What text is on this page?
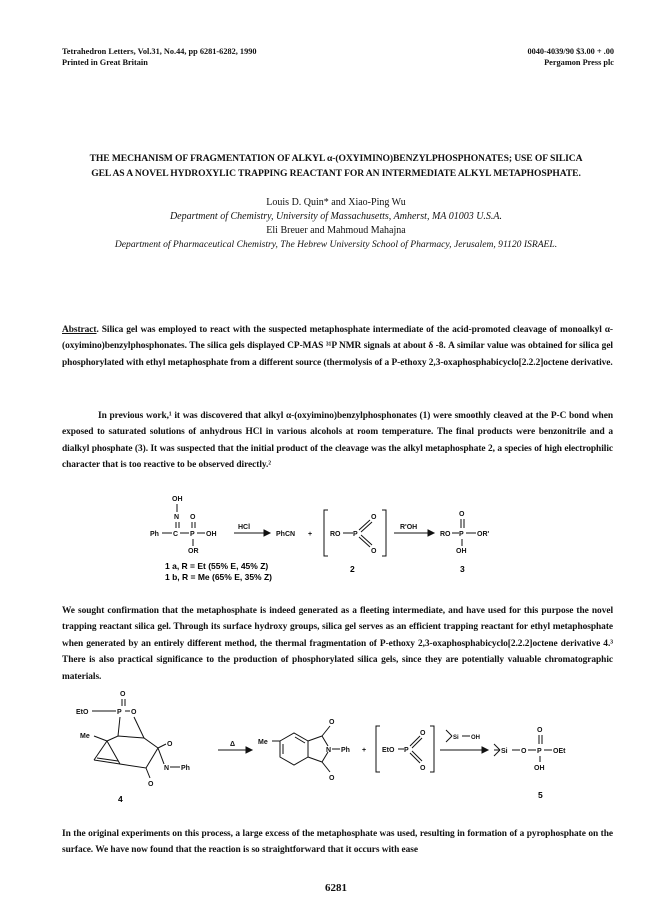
Tetrahedron Letters, Vol.31, No.44, pp 6281-6282, 1990
Printed in Great Britain
0040-4039/90 $3.00 + .00
Pergamon Press plc
THE MECHANISM OF FRAGMENTATION OF ALKYL α-(OXYIMINO)BENZYLPHOSPHONATES; USE OF SILICA
GEL AS A NOVEL HYDROXYLIC TRAPPING REACTANT FOR AN INTERMEDIATE ALKYL METAPHOSPHATE.
Louis D. Quin* and Xiao-Ping Wu
Department of Chemistry, University of Massachusetts, Amherst, MA 01003 U.S.A.
Eli Breuer and Mahmoud Mahajna
Department of Pharmaceutical Chemistry, The Hebrew University School of Pharmacy, Jerusalem, 91120 ISRAEL.
Abstract. Silica gel was employed to react with the suspected metaphosphate intermediate of the acid-promoted cleavage of monoalkyl α-(oxyimino)benzylphosphonates. The silica gels displayed CP-MAS ³¹P NMR signals at about δ -8. A similar value was obtained for silica gel phosphorylated with ethyl metaphosphate from a different source (thermolysis of a P-ethoxy 2,3-oxaphosphabicyclo[2.2.2]octene derivative.
In previous work,¹ it was discovered that alkyl α-(oxyimino)benzylphosphonates (1) were smoothly cleaved at the P-C bond when exposed to saturated solutions of anhydrous HCl in various alcohols at room temperature. The final products were benzonitrile and a dialkyl phosphate (3). It was suspected that the initial product of the cleavage was the alkyl metaphosphate 2, a species of high electrophilic character that is too reactive to be observed directly.²
OH
N O
Ph C P OH
OR
HCl
PhCN +	RO P
O
O
R'OH
O
RO P OR'
OH
1 a, R = Et (55% E, 45% Z)
1 b, R = Me (65% E, 35% Z)
2	3
We sought confirmation that the metaphosphate is indeed generated as a fleeting intermediate, and have used for this purpose the novel trapping reactant silica gel. Through its surface hydroxy groups, silica gel serves as an efficient trapping reactant for ethyl metaphosphate when generated by an entirely different method, the thermal fragmentation of P-ethoxy 2,3-oxaphosphabicyclo[2.2.2]octene derivative 4.³ There is also practical significance to the production of phosphorylated silica gels, since they are potentially valuable chromatographic materials.
O
EtO	P O
Me
O
O
N Ph
4
Δ	Me
O
O
N Ph + EtO P
O
O
Si OH
Si O P
O
OEt
OH
5
In the original experiments on this process, a large excess of the metaphosphate was used, resulting in formation of a pyrophosphate on the surface. We have now found that the reaction is so straightforward that it occurs with ease
6281
